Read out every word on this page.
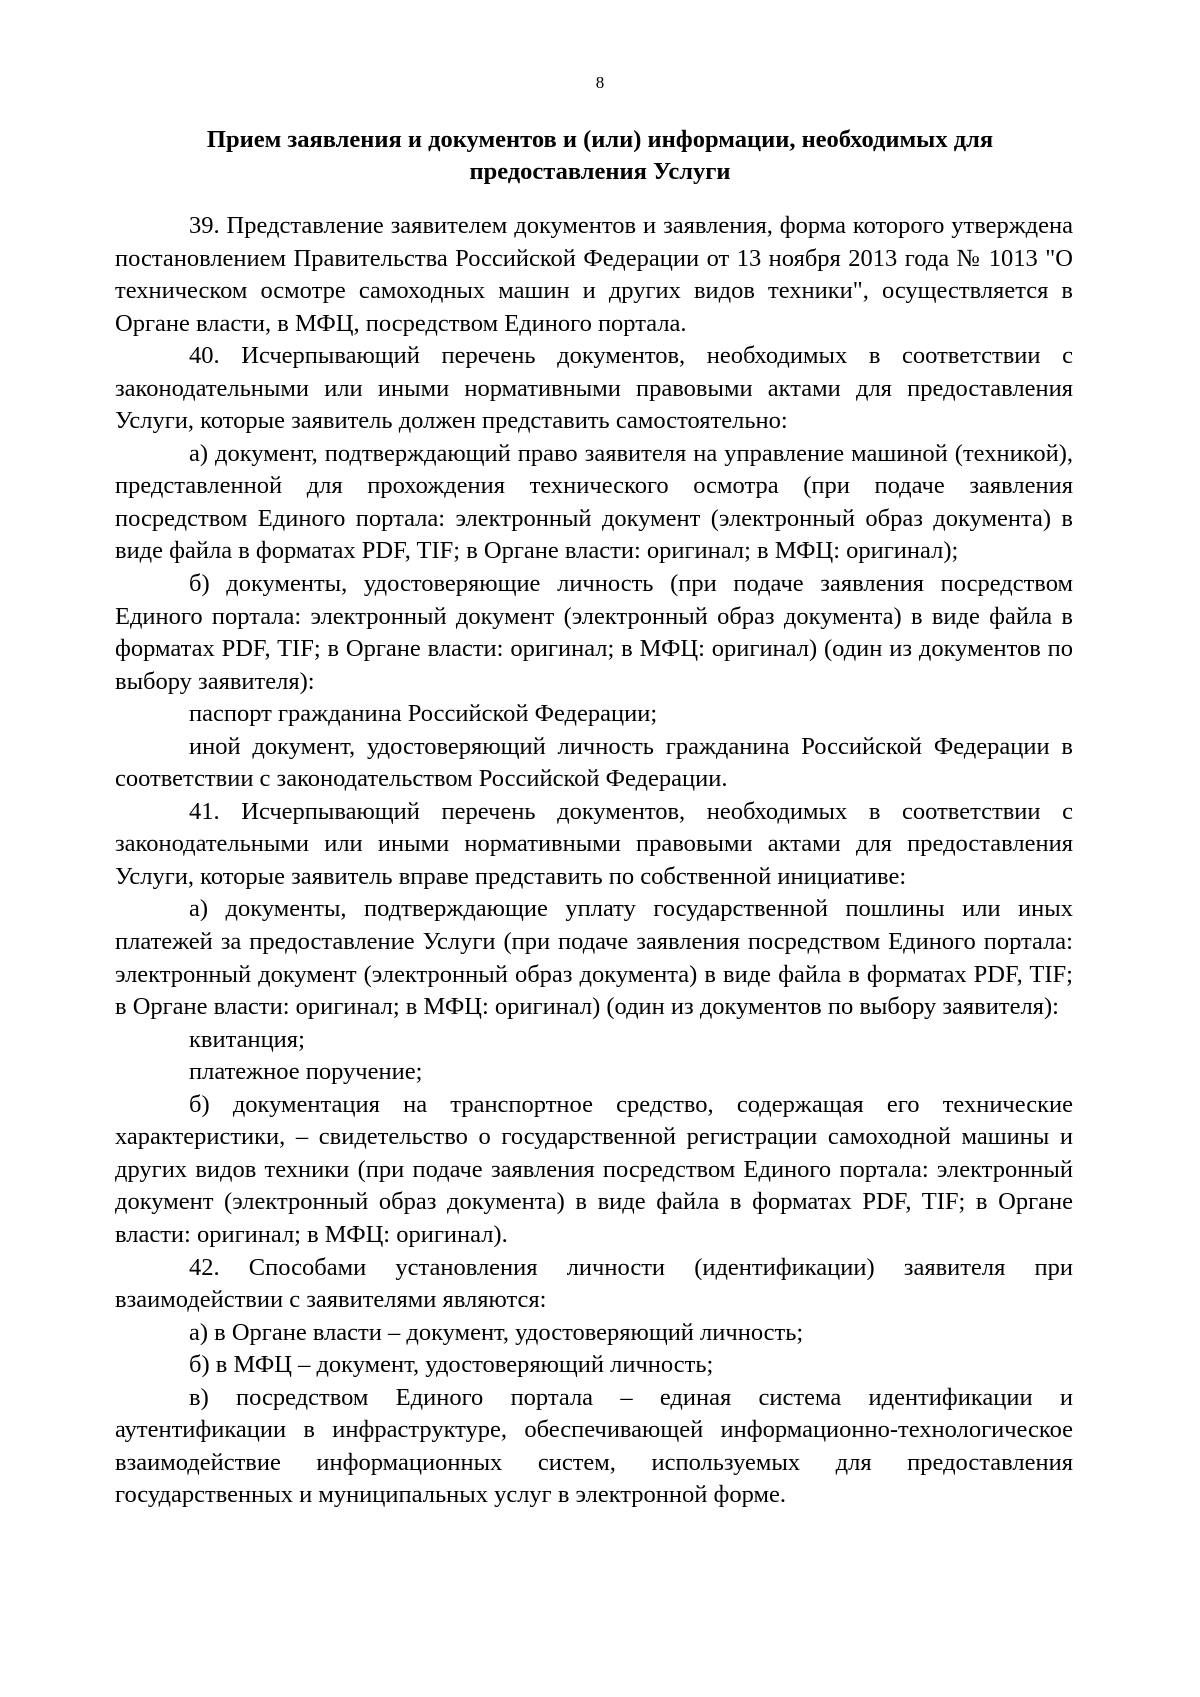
8
Прием заявления и документов и (или) информации, необходимых для предоставления Услуги

39. Представление заявителем документов и заявления, форма которого утверждена постановлением Правительства Российской Федерации от 13 ноября 2013 года № 1013 "О техническом осмотре самоходных машин и других видов техники", осуществляется в Органе власти, в МФЦ, посредством Единого портала.

40. Исчерпывающий перечень документов, необходимых в соответствии с законодательными или иными нормативными правовыми актами для предоставления Услуги, которые заявитель должен представить самостоятельно:

а) документ, подтверждающий право заявителя на управление машиной (техникой), представленной для прохождения технического осмотра (при подаче заявления посредством Единого портала: электронный документ (электронный образ документа) в виде файла в форматах PDF, TIF; в Органе власти: оригинал; в МФЦ: оригинал);

б) документы, удостоверяющие личность (при подаче заявления посредством Единого портала: электронный документ (электронный образ документа) в виде файла в форматах PDF, TIF; в Органе власти: оригинал; в МФЦ: оригинал) (один из документов по выбору заявителя):

паспорт гражданина Российской Федерации;

иной документ, удостоверяющий личность гражданина Российской Федерации в соответствии с законодательством Российской Федерации.

41. Исчерпывающий перечень документов, необходимых в соответствии с законодательными или иными нормативными правовыми актами для предоставления Услуги, которые заявитель вправе представить по собственной инициативе:

а) документы, подтверждающие уплату государственной пошлины или иных платежей за предоставление Услуги (при подаче заявления посредством Единого портала: электронный документ (электронный образ документа) в виде файла в форматах PDF, TIF; в Органе власти: оригинал; в МФЦ: оригинал) (один из документов по выбору заявителя):

квитанция;

платежное поручение;

б) документация на транспортное средство, содержащая его технические характеристики, – свидетельство о государственной регистрации самоходной машины и других видов техники (при подаче заявления посредством Единого портала: электронный документ (электронный образ документа) в виде файла в форматах PDF, TIF; в Органе власти: оригинал; в МФЦ: оригинал).

42. Способами установления личности (идентификации) заявителя при взаимодействии с заявителями являются:

а) в Органе власти – документ, удостоверяющий личность;

б) в МФЦ – документ, удостоверяющий личность;

в) посредством Единого портала – единая система идентификации и аутентификации в инфраструктуре, обеспечивающей информационно-технологическое взаимодействие информационных систем, используемых для предоставления государственных и муниципальных услуг в электронной форме.
